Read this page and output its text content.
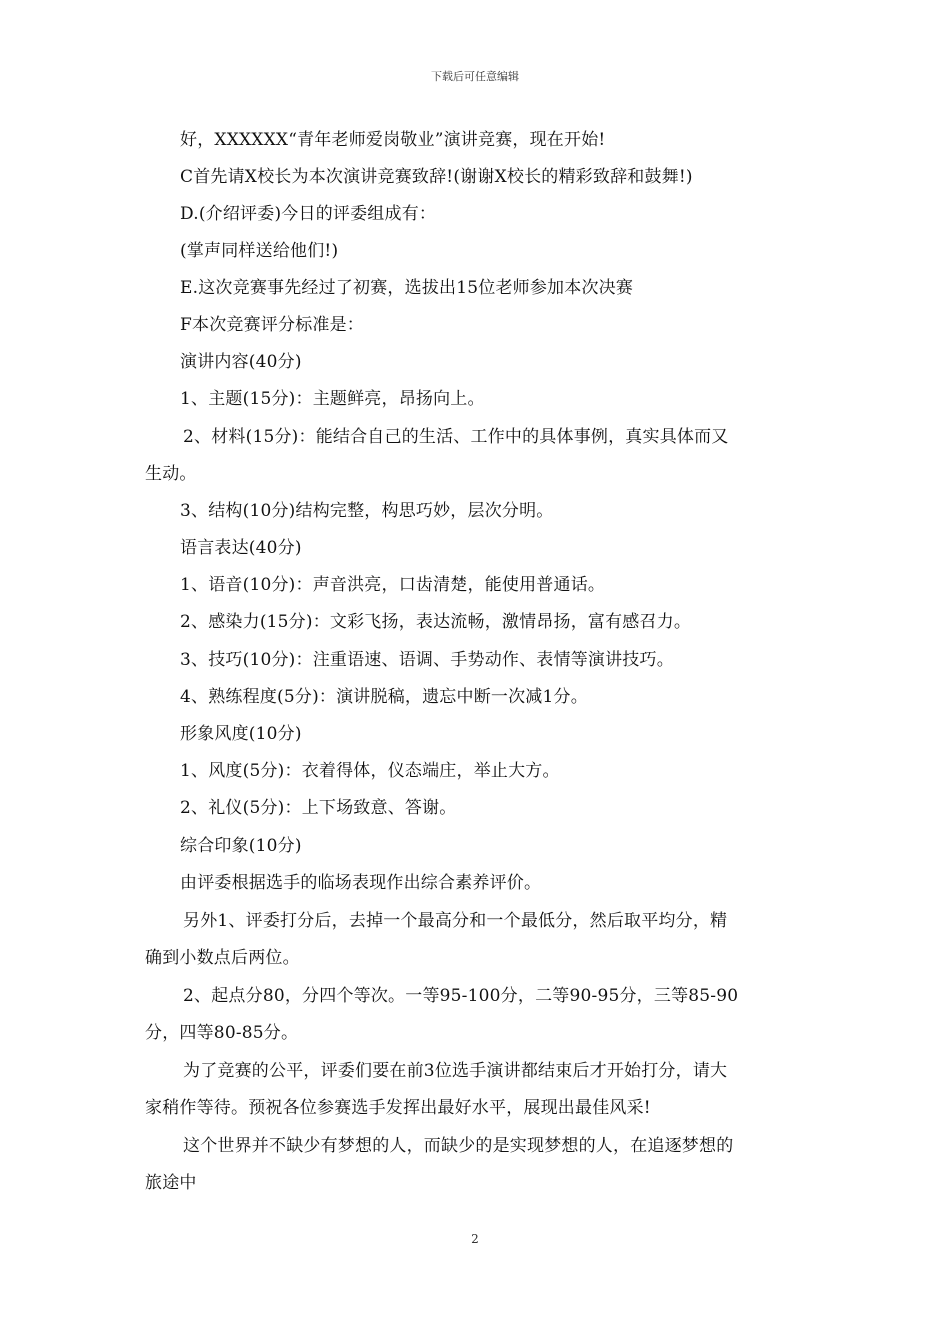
下载后可任意编辑
好，XXXXXX“青年老师爱岗敬业”演讲竞赛，现在开始!
C首先请X校长为本次演讲竞赛致辞!(谢谢X校长的精彩致辞和鼓舞!)
D.(介绍评委)今日的评委组成有：
(掌声同样送给他们!)
E.这次竞赛事先经过了初赛，选拔出15位老师参加本次决赛
F本次竞赛评分标准是：
演讲内容(40分)
1、主题(15分)：主题鲜亮，昂扬向上。
2、材料(15分)：能结合自己的生活、工作中的具体事例，真实具体而又
生动。
3、结构(10分)结构完整，构思巧妙，层次分明。
语言表达(40分)
1、语音(10分)：声音洪亮，口齿清楚，能使用普通话。
2、感染力(15分)：文彩飞扬，表达流畅，激情昂扬，富有感召力。
3、技巧(10分)：注重语速、语调、手势动作、表情等演讲技巧。
4、熟练程度(5分)：演讲脱稿，遗忘中断一次减1分。
形象风度(10分)
1、风度(5分)：衣着得体，仪态端庄，举止大方。
2、礼仪(5分)：上下场致意、答谢。
综合印象(10分)
由评委根据选手的临场表现作出综合素养评价。
另外1、评委打分后，去掉一个最高分和一个最低分，然后取平均分，精
确到小数点后两位。
2、起点分80，分四个等次。一等95-100分，二等90-95分，三等85-90
分，四等80-85分。
为了竞赛的公平，评委们要在前3位选手演讲都结束后才开始打分，请大
家稍作等待。预祝各位参赛选手发挥出最好水平，展现出最佳风采!
这个世界并不缺少有梦想的人，而缺少的是实现梦想的人，在追逐梦想的
旅途中
2
